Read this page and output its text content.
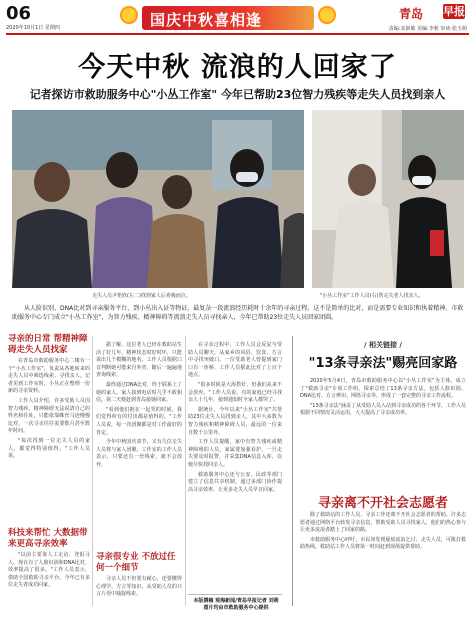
06
2020年10月1日 星期四	国庆中秋喜相逢	青岛 早报
责编:宋新敏 美编:李莉 审读:张玉萌
今天中秋 流浪的人回家了
记者探访市救助服务中心"小丛工作室" 今年已帮助23位智力残疾等走失人员找到亲人
走失人员尹伦欣(左二)找到家人后喜极而泣。	"小丛工作室"工作人员(右)帮走失老人找亲人。
从人脸识别、DNA比对到寻亲服务平台，到小丛出入证等物证，最复杂一段流浪经历耗时十余年的寻亲过程。这不是简单的比对，而是需要专业知识和执着精神。市救助服务中心专门成立"小丛工作室"，为智力残疾、精神障碍等流浪走失人员寻找亲人，今年已帮助23位走失人员回家团圆。
寻亲的日常 帮精神障碍走失人员找家

在青岛市救助服务中心二楼有一个"小丛工作室"，负责从各地转来的走失人员中筛选线索、寻找亲人。记者见到工作室时，小丛正在整理一份新的寻亲资料。

工作人员介绍，许多受助人员因智力残疾、精神障碍无法说清自己的姓名和住址，只能依靠蛛丝马迹慢慢比对，一次寻亲往往需要数月甚至数年时间。

"每次找到一位走失人员的家人，都觉得特别值得。"工作人员说。

科技来帮忙 大数据带来更高寻亲效率

"以前主要靠人工走访、登报寻人，现在有了人脸识别和DNA比对，效率提高了很多。"工作人员表示，借助全国救助寻亲平台，今年已有多位走失者成功回家。

据了解，这位老人已经在救助站生活了好几年，精神状态时好时坏，只能说出几个模糊的地名。工作人员根据口音判断她可能来自外省，随后一遍遍地查询线索。

最终通过DNA比对，终于联系上了她的家人。家人接到电话时几乎不敢相信，第二天便赶到青岛接她回家。

"看到他们抱在一起哭的时候，我们觉得所有的付出都是值得的。"工作人员说，每一次团聚都是对工作最好的肯定。

今年中秋国庆双节，又有几位走失人员将与家人团聚。工作室的工作人员表示，只要还有一丝线索，就不会放弃。

寻亲很专业 不放过任何一个细节

寻亲人员不但要有耐心，还要懂得心理学、方言等知识，从受助人员的只言片语中捕捉线索。

在寻亲过程中，工作人员会反复与受助人员聊天，从家乡的风俗、饮食、方言中寻找突破口。一位受助老人曾提到家门口有一座桥，工作人员据此比对了上百个地点。

"很多时候是大海捞针，但我们从来不会放弃。"工作人员说，有的家庭已经寻找亲人十几年，接到通知时全家人都哭了。

据统计，今年以来"小丛工作室"共帮助23位走失人员找到亲人，其中大多数为智力残疾和精神障碍人员，最远的一位来自数千公里外。

工作人员提醒，家中有智力残疾或精神障碍的人员，家属要加强看护，一旦走失要及时报警，并采集DNA信息入库，以便尽快找回亲人。

救助服务中心还与公安、民政等部门建立了信息共享机制，通过多部门协作提高寻亲效率，让更多走失人员早日回家。

本版撰稿 观海新闻/青岛早报记者 刘萌 图片均由市救助服务中心提供
/ 相关链接 /
"13条寻亲法"赐亮回家路

2020年5月4日，青岛市救助服务中心以"小丛工作室"为主体，成立了"救助寻亲"专项工作组，探索总结了13条寻亲方法，包括人脸识别、DNA比对、方言辨识、网络寻亲等，形成了一套完整的寻亲工作流程。

"13条寻亲法"涵盖了从受助人员入站到寻亲成功的各个环节，工作人员根据不同情况灵活运用，大大提高了寻亲成功率。

寻亲离不开社会志愿者

除了救助站的工作人员，寻亲工作还离不开社会志愿者的帮助。许多志愿者通过网络平台转发寻亲信息，帮助受助人员寻找家人，他们的热心参与让更多流浪者踏上了回家的路。

市救助服务中心呼吁，市民如发现疑似流浪乞讨、走失人员，可拨打救助热线，救助站工作人员将第一时间赶到现场提供帮助。
